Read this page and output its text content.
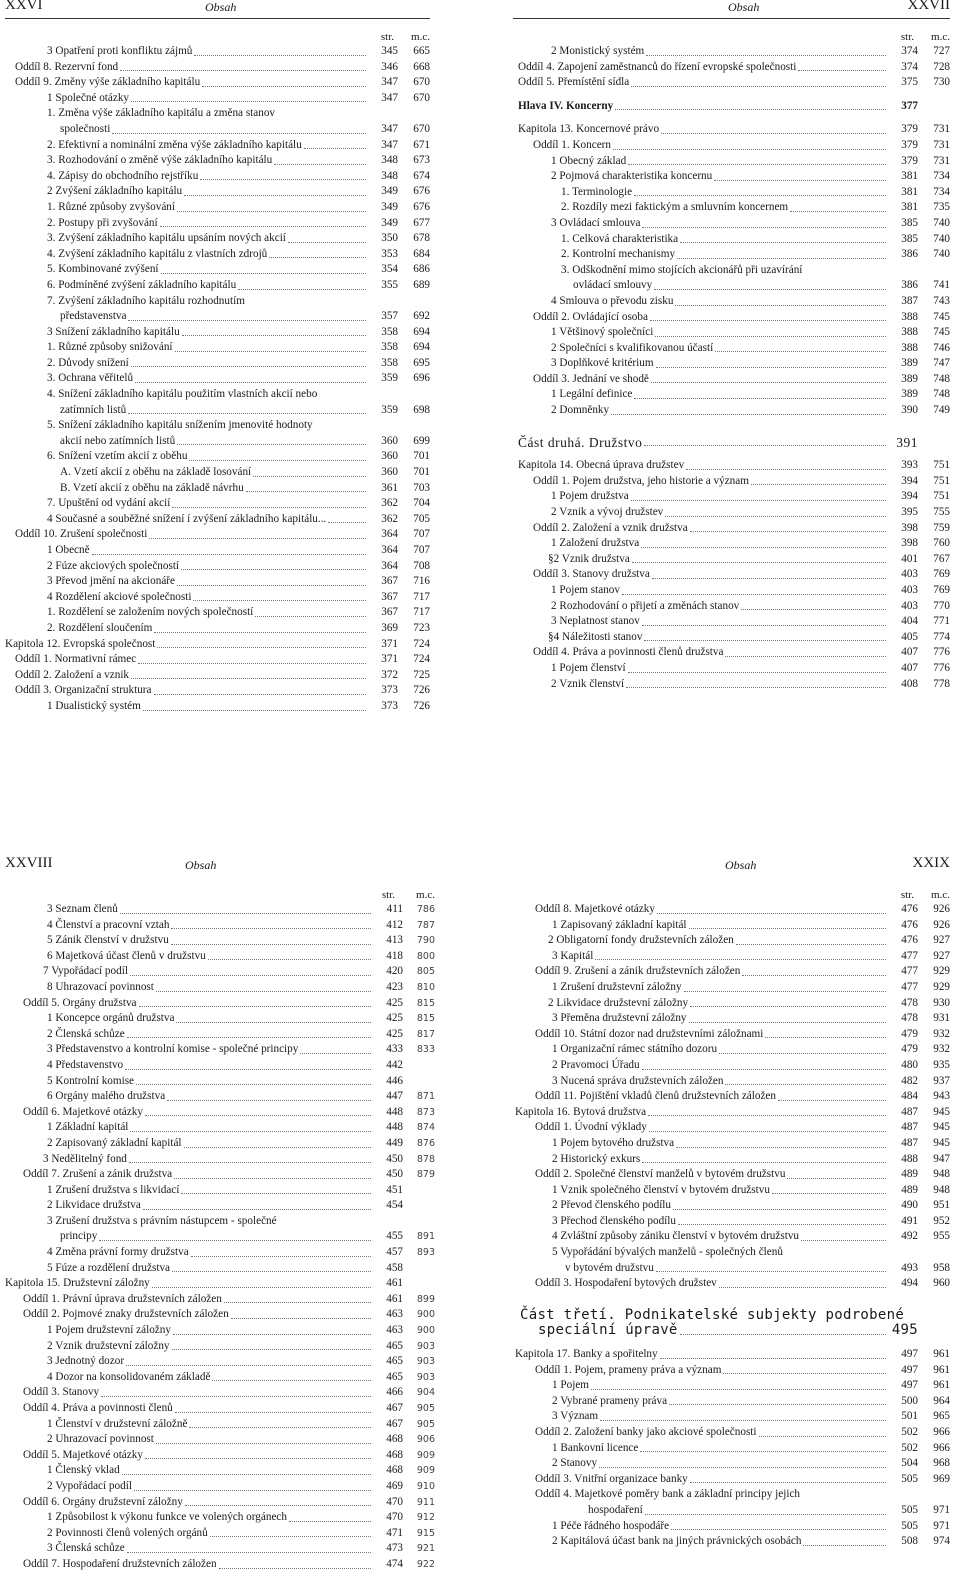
XXVI	Obsah
str. m.c.
3 Opatření proti konfliktu zájmů	345	665
Oddíl 8. Rezervní fond	346	668
Oddíl 9. Změny výše základního kapitálu	347	670
1 Společné otázky	347	670
1. Změna výše základního kapitálu a změna stanov
společnosti	347	670
2. Efektivní a nominální změna výše základního kapitálu	347	671
3. Rozhodování o změně výše základního kapitálu	348	673
4. Zápisy do obchodního rejstříku	348	674
2 Zvýšení základního kapitálu	349	676
1. Různé způsoby zvyšování	349	676
2. Postupy při zvyšování	349	677
3. Zvýšení základního kapitálu upsáním nových akcií	350	678
4. Zvýšení základního kapitálu z vlastních zdrojů	353	684
5. Kombinované zvýšení	354	686
6. Podmíněné zvýšení základního kapitálu	355	689
7. Zvýšení základního kapitálu rozhodnutím
představenstva	357	692
3 Snížení základního kapitálu	358	694
1. Různé způsoby snižování	358	694
2. Důvody snížení	358	695
3. Ochrana věřitelů	359	696
4. Snížení základního kapitálu použitím vlastních akcií nebo
zatímních listů	359	698
5. Snížení základního kapitálu snížením jmenovité hodnoty
akcií nebo zatímních listů	360	699
6. Snížení vzetím akcií z oběhu	360	701
A. Vzetí akcií z oběhu na základě losování	360	701
B. Vzetí akcií z oběhu na základě návrhu	361	703
7. Upuštění od vydání akcií	362	704
4 Současné a souběžné snížení í zvýšení základního kapitálu...	362	705
Oddíl 10. Zrušení společnosti	364	707
1 Obecně	364	707
2 Fúze akciových společností	364	708
3 Převod jmění na akcionáře	367	716
4 Rozdělení akciové společnosti	367	717
1. Rozdělení se založením nových společností	367	717
2. Rozdělení sloučením	369	723
Kapitola 12. Evropská společnost	371	724
Oddíl 1. Normativní rámec	371	724
Oddíl 2. Založení a vznik	372	725
Oddíl 3. Organizační struktura	373	726
1 Dualistický systém	373	726
Obsah	XXVII
str. m.c.
2 Monistický systém	374	727
Oddíl 4. Zapojení zaměstnanců do řízení evropské společnosti	374	728
Oddíl 5. Přemístění sídla	375	730
Hlava IV. Koncerny	377
Kapitola 13. Koncernové právo	379	731
Oddíl 1. Koncern	379	731
1 Obecný základ	379	731
2 Pojmová charakteristika koncernu	381	734
1. Terminologie	381	734
2. Rozdíly mezi faktickým a smluvním koncernem	381	735
3 Ovládací smlouva	385	740
1. Celková charakteristika	385	740
2. Kontrolní mechanismy	386	740
3. Odškodnění mimo stojících akcionářů při uzavírání
ovládací smlouvy	386	741
4 Smlouva o převodu zisku	387	743
Oddíl 2. Ovládající osoba	388	745
1 Většinový společníci	388	745
2 Společníci s kvalifikovanou účastí	388	746
3 Doplňkové kritérium	389	747
Oddíl 3. Jednání ve shodě	389	748
1 Legální definice	389	748
2 Domněnky	390	749
Část druhá. Družstvo	391
Kapitola 14. Obecná úprava družstev	393	751
Oddíl 1. Pojem družstva, jeho historie a význam	394	751
1 Pojem družstva	394	751
2 Vznik a vývoj družstev	395	755
Oddíl 2. Založení a vznik družstva	398	759
1 Založení družstva	398	760
§2 Vznik družstva	401	767
Oddíl 3. Stanovy družstva	403	769
1 Pojem stanov	403	769
2 Rozhodování o přijetí a změnách stanov	403	770
3 Neplatnost stanov	404	771
§4 Náležitosti stanov	405	774
Oddíl 4. Práva a povinnosti členů družstva	407	776
1 Pojem členství	407	776
2 Vznik členství	408	778
XXVIII	Obsah
str. m.c.
3 Seznam členů	411	786
4 Členství a pracovní vztah	412	787
5 Zánik členství v družstvu	413	790
6 Majetková účast členů v družstvu	418	800
7 Vypořádací podíl	420	805
8 Uhrazovací povinnost	423	810
Oddíl 5. Orgány družstva	425	815
1 Koncepce orgánů družstva	425	815
2 Členská schůze	425	817
3 Představenstvo a kontrolní komise - společné principy	433	833
4 Představenstvo	442
5 Kontrolní komise	446
6 Orgány malého družstva	447	871
Oddíl 6. Majetkové otázky	448	873
1 Základní kapitál	448	874
2 Zapisovaný základní kapitál	449	876
3 Nedělitelný fond	450	878
Oddíl 7. Zrušení a zánik družstva	450	879
1 Zrušení družstva s likvidací	451
2 Likvidace družstva	454
3 Zrušení družstva s právním nástupcem - společné
principy	455	891
4 Změna právní formy družstva	457	893
5 Fúze a rozdělení družstva	458
Kapitola 15. Družstevní záložny	461
Oddíl 1. Právní úprava družstevních záložen	461	899
Oddíl 2. Pojmové znaky družstevních záložen	463	900
1 Pojem družstevní záložny	463	900
2 Vznik družstevní záložny	465	903
3 Jednotný dozor	465	903
4 Dozor na konsolidovaném základě	465	903
Oddíl 3. Stanovy	466	904
Oddíl 4. Práva a povinnosti členů	467	905
1 Členství v družstevní záložně	467	905
2 Uhrazovací povinnost	468	906
Oddíl 5. Majetkové otázky	468	909
1 Členský vklad	468	909
2 Vypořádací podíl	469	910
Oddíl 6. Orgány družstevní záložny	470	911
1 Způsobilost k výkonu funkce ve volených orgánech	470	912
2 Povinnosti členů volených orgánů	471	915
3 Členská schůze	473	921
Oddíl 7. Hospodaření družstevních záložen	474	922
Obsah	XXIX
str. m.c.
Oddíl 8. Majetkové otázky	476	926
1 Zapisovaný základní kapitál	476	926
2 Obligatorní fondy družstevních záložen	476	927
3 Kapitál	477	927
Oddíl 9. Zrušení a zánik družstevních záložen	477	929
1 Zrušení družstevní záložny	477	929
2 Likvidace družstevní záložny	478	930
3 Přeměna družstevní záložny	478	931
Oddíl 10. Státní dozor nad družstevními záložnami	479	932
1 Organizační rámec státního dozoru	479	932
2 Pravomoci Úřadu	480	935
3 Nucená správa družstevních záložen	482	937
Oddíl 11. Pojištění vkladů členů družstevních záložen	484	943
Kapitola 16. Bytová družstva	487	945
Oddíl 1. Úvodní výklady	487	945
1 Pojem bytového družstva	487	945
2 Historický exkurs	488	947
Oddíl 2. Společné členství manželů v bytovém družstvu	489	948
1 Vznik společného členství v bytovém družstvu	489	948
2 Převod členského podílu	490	951
3 Přechod členského podílu	491	952
4 Zvláštní způsoby zániku členství v bytovém družstvu	492	955
5 Vypořádání bývalých manželů - společných členů
v bytovém družstvu	493	958
Oddíl 3. Hospodaření bytových družstev	494	960
Část třetí. Podnikatelské subjekty podrobené
speciální úpravě	495
Kapitola 17. Banky a spořitelny	497	961
Oddíl 1. Pojem, prameny práva a význam	497	961
1 Pojem	497	961
2 Vybrané prameny práva	500	964
3 Význam	501	965
Oddíl 2. Založení banky jako akciové společnosti	502	966
1 Bankovní licence	502	966
2 Stanovy	504	968
Oddíl 3. Vnitřní organizace banky	505	969
Oddíl 4. Majetkové poměry bank a základní principy jejich
hospodaření	505	971
1 Péče řádného hospodáře	505	971
2 Kapitálová účast bank na jiných právnických osobách	508	974
